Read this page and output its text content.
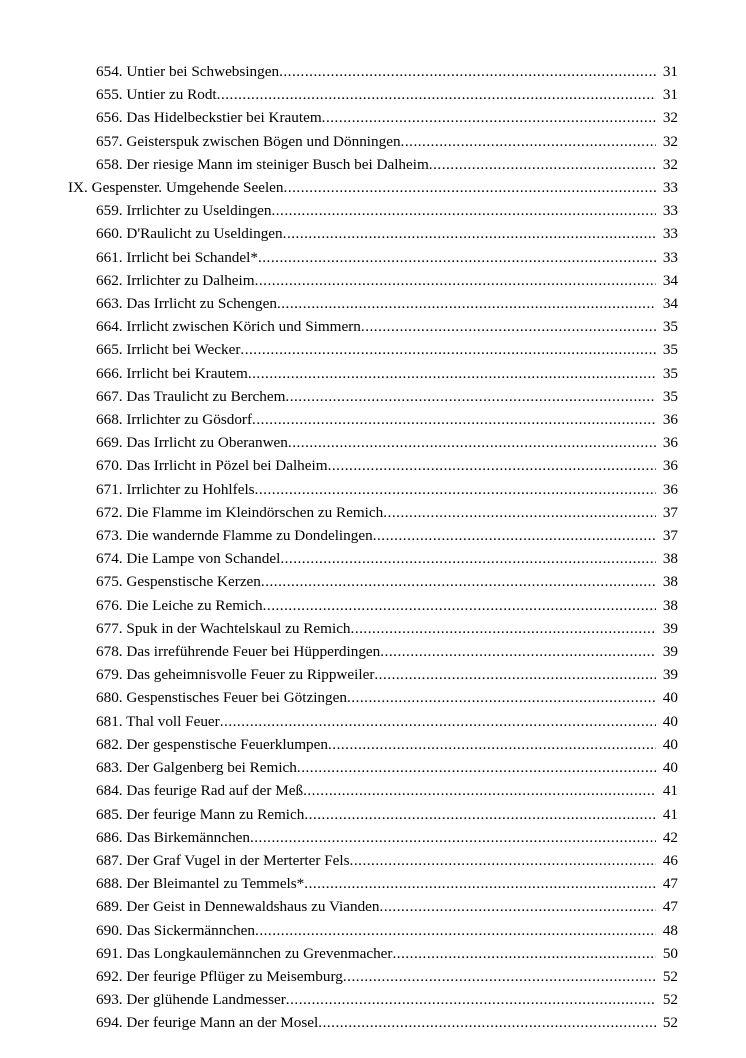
654. Untier bei Schwebsingen .....	31
655. Untier zu Rodt .....	31
656. Das Hidelbeckstier bei Krautem .....	32
657. Geisterspuk zwischen Bögen und Dönningen .....	32
658. Der riesige Mann im steiniger Busch bei Dalheim .....	32
IX. Gespenster. Umgehende Seelen .....	33
659. Irrlichter zu Useldingen .....	33
660. D'Raulicht zu Useldingen .....	33
661. Irrlicht bei Schandel* .....	33
662. Irrlichter zu Dalheim .....	34
663. Das Irrlicht zu Schengen .....	34
664. Irrlicht zwischen Körich und Simmern .....	35
665. Irrlicht bei Wecker .....	35
666. Irrlicht bei Krautem .....	35
667. Das Traulicht zu Berchem .....	35
668. Irrlichter zu Gösdorf .....	36
669. Das Irrlicht zu Oberanwen .....	36
670. Das Irrlicht in Pözel bei Dalheim .....	36
671. Irrlichter zu Hohlfels .....	36
672. Die Flamme im Kleindörschen zu Remich .....	37
673. Die wandernde Flamme zu Dondelingen .....	37
674. Die Lampe von Schandel .....	38
675. Gespenstische Kerzen .....	38
676. Die Leiche zu Remich .....	38
677. Spuk in der Wachtelskaul zu Remich .....	39
678. Das irreführende Feuer bei Hüpperdingen .....	39
679. Das geheimnisvolle Feuer zu Rippweiler .....	39
680. Gespenstisches Feuer bei Götzingen .....	40
681. Thal voll Feuer .....	40
682. Der gespenstische Feuerklumpen .....	40
683. Der Galgenberg bei Remich .....	40
684. Das feurige Rad auf der Meß .....	41
685. Der feurige Mann zu Remich .....	41
686. Das Birkemännchen .....	42
687. Der Graf Vugel in der Merterter Fels .....	46
688. Der Bleimantel zu Temmels* .....	47
689. Der Geist in Dennewaldshaus zu Vianden .....	47
690. Das Sickermännchen .....	48
691. Das Longkaulemännchen zu Grevenmacher .....	50
692. Der feurige Pflüger zu Meisemburg .....	52
693. Der glühende Landmesser .....	52
694. Der feurige Mann an der Mosel .....	52
